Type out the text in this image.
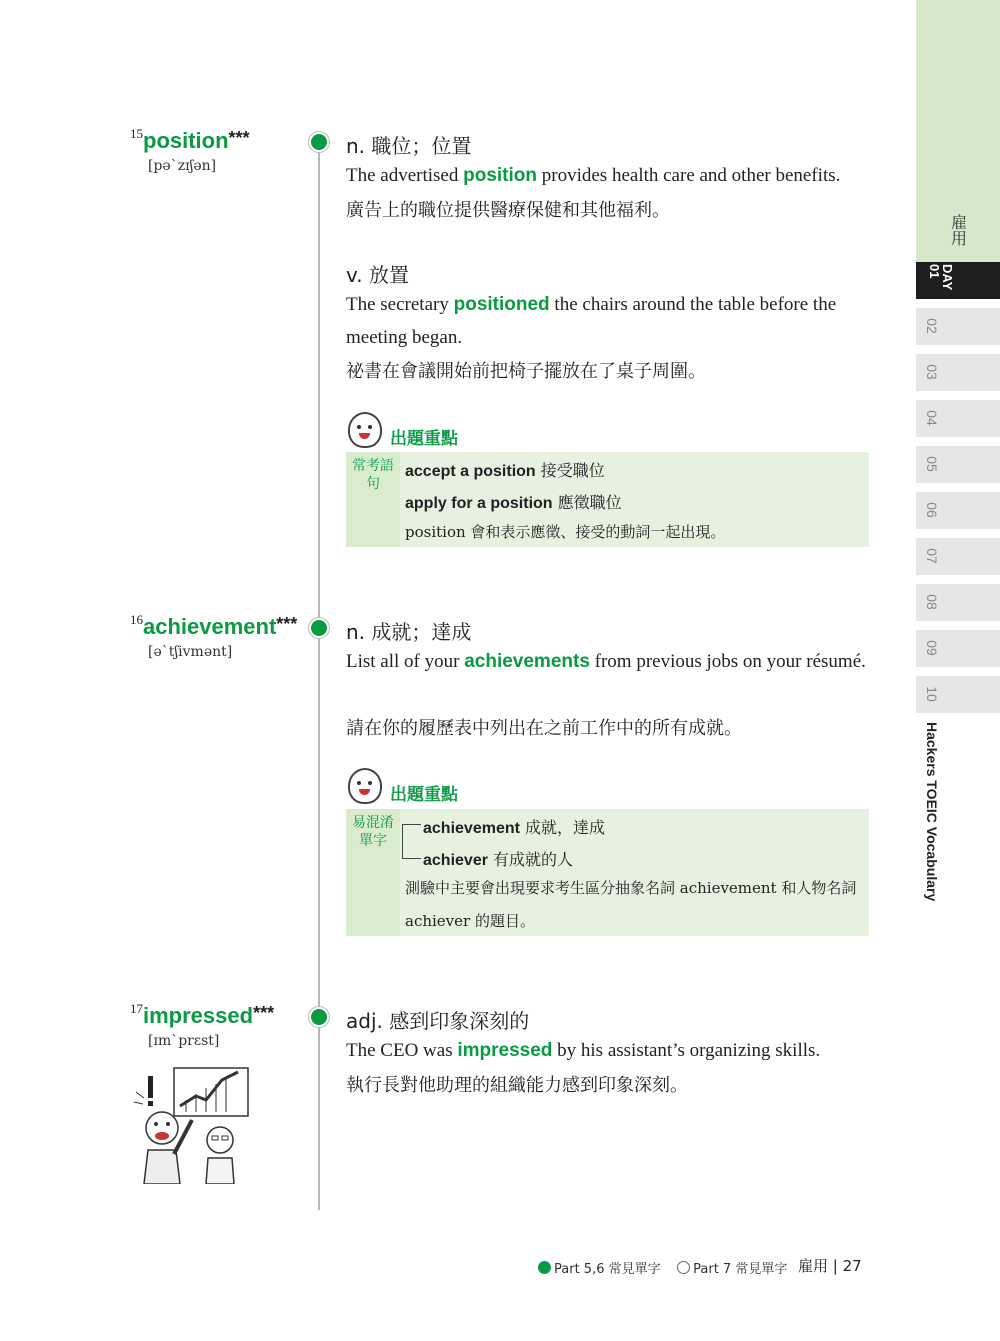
雇用
DAY
01
02
03
04
05
06
07
08
09
10
Hackers TOEIC Vocabulary
$^{15}$position***
[pəˋzɪʃən]
n. 職位；位置
The advertised position provides health care and other benefits.
廣告上的職位提供醫療保健和其他福利。
v. 放置
The secretary positioned the chairs around the table before the meeting began.
祕書在會議開始前把椅子擺放在了桌子周圍。
出題重點
常考語句
accept a position 接受職位
apply for a position 應徵職位
position 會和表示應徵、接受的動詞一起出現。
$^{16}$achievement***
[əˋtʃivmənt]
n. 成就；達成
List all of your achievements from previous jobs on your résumé.
請在你的履歷表中列出在之前工作中的所有成就。
出題重點
易混淆單字
achievement 成就，達成
achiever 有成就的人
測驗中主要會出現要求考生區分抽象名詞 achievement 和人物名詞 achiever 的題目。
$^{17}$impressed***
[ɪmˋprɛst]
adj. 感到印象深刻的
The CEO was impressed by his assistant’s organizing skills.
執行長對他助理的組織能力感到印象深刻。
Part 5,6 常見單字	Part 7 常見單字 雇用 | 27
